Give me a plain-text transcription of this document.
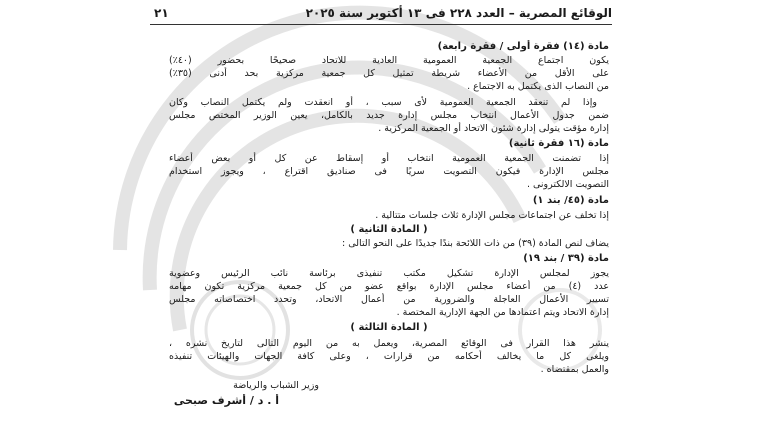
الوقائع المصرية – العدد ٢٢٨ فى ١٣ أكتوبر سنة ٢٠٢٥
٢١
مادة (١٤) فقرة أولى / فقرة رابعة)
يكون اجتماع الجمعية العمومية العادية للاتحاد صحيحًا بحضور (٤٠٪)
على الأقل من الأعضاء شريطة تمثيل كل جمعية مركزية بحد أدنى (٣٥٪)
من النصاب الذى يكتمل به الاجتماع .
وإذا لم تنعقد الجمعية العمومية لأى سبب ، أو انعقدت ولم يكتمل النصاب وكان
ضمن جدول الأعمال انتخاب مجلس إدارة جديد بالكامل، يعين الوزير المختص مجلس
إدارة مؤقت يتولى إدارة شئون الاتحاد أو الجمعية المركزية .
مادة (١٦ فقرة ثانية)
إذا تضمنت الجمعية العمومية انتخاب أو إسقاط عن كل أو بعض أعضاء
مجلس الإدارة فيكون التصويت سريًا فى صناديق اقتراع ، ويجوز استخدام
التصويت الالكترونى .
مادة (٤٥/ بند ١)
إذا تخلف عن اجتماعات مجلس الإدارة ثلاث جلسات متتالية .
( المادة الثانية )
يضاف لنص المادة (٣٩) من ذات اللائحة بندًا جديدًا على النحو التالى :
مادة (٣٩ / بند ١٩)
يجوز لمجلس الإدارة تشكيل مكتب تنفيذى برئاسة نائب الرئيس وعضوية
عدد (٤) من أعضاء مجلس الإدارة بواقع عضو من كل جمعية مركزية تكون مهامه
تسيير الأعمال العاجلة والضرورية من أعمال الاتحاد، وتحدد اختصاصاته مجلس
إدارة الاتحاد ويتم اعتمادها من الجهة الإدارية المختصة .
( المادة الثالثة )
ينشر هذا القرار فى الوقائع المصرية، ويعمل به من اليوم التالى لتاريخ نشره ،
ويلغى كل ما يخالف أحكامه من قرارات ، وعلى كافة الجهات والهيئات تنفيذه
والعمل بمقتضاه .
وزير الشباب والرياضة
أ . د / أشرف صبحى
